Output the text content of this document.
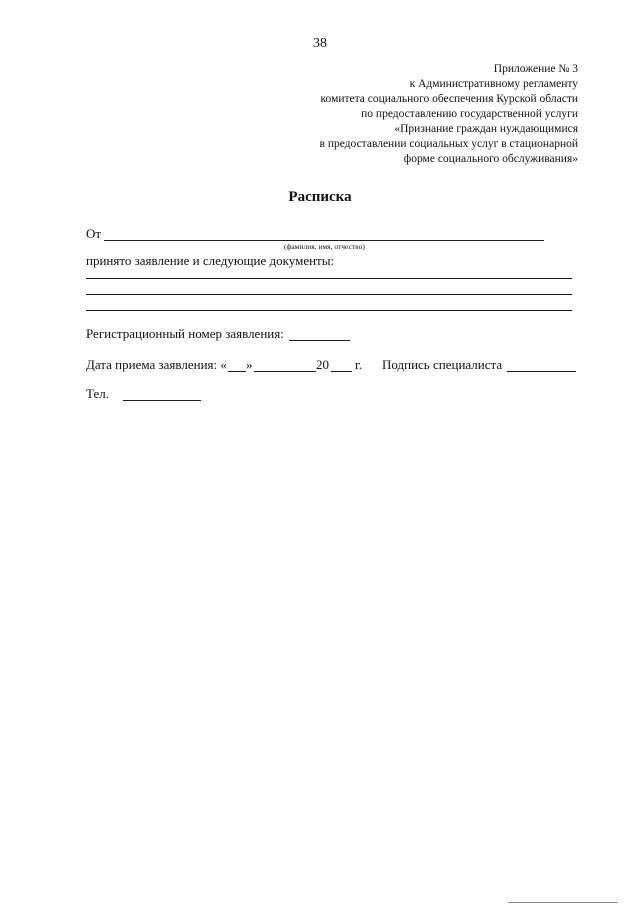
38
Приложение № 3
к Административному регламенту
комитета социального обеспечения Курской области
по предоставлению государственной услуги
«Признание граждан нуждающимися
в предоставлении социальных услуг в стационарной
форме социального обслуживания»
Расписка
От
(фамилия, имя, отчество)
принято заявление и следующие документы:
Регистрационный номер заявления:
Дата приема заявления: « »	20 г. Подпись специалиста
Тел.
